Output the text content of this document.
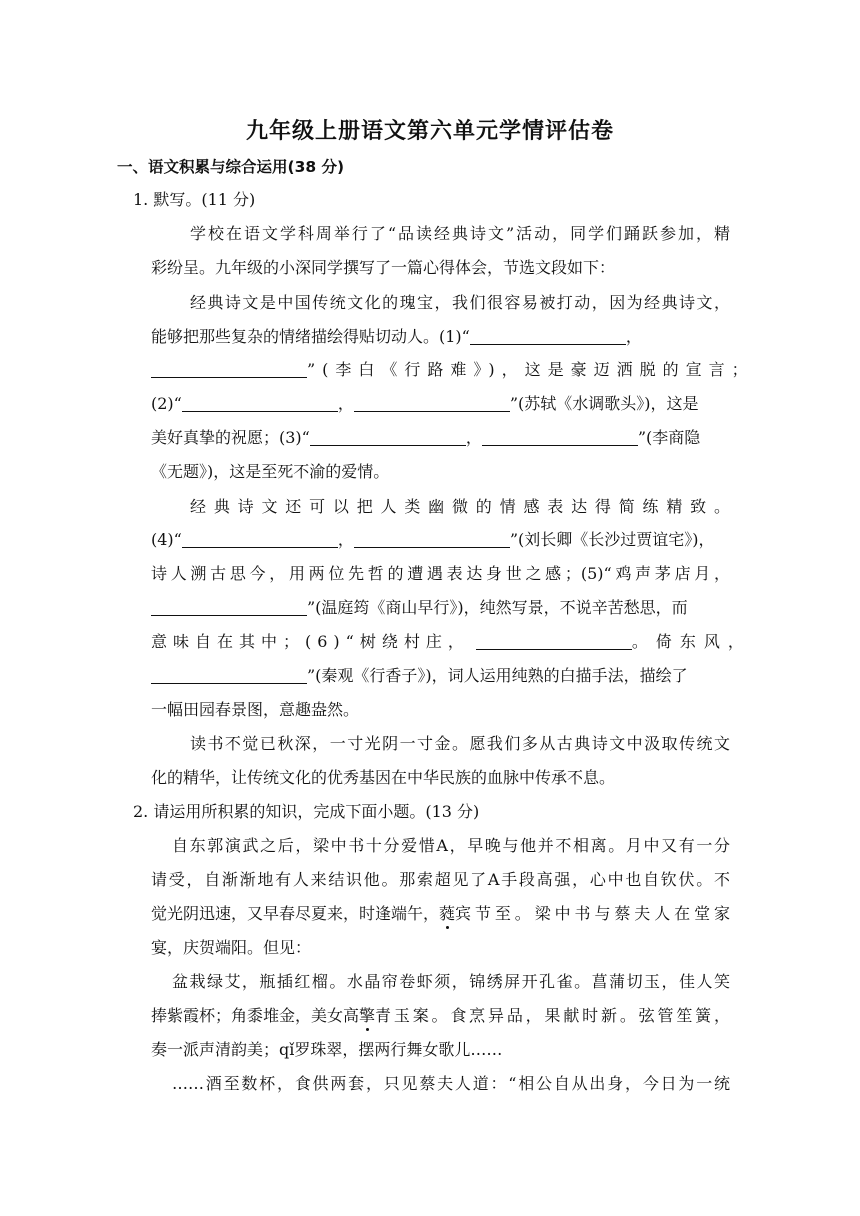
九年级上册语文第六单元学情评估卷
一、语文积累与综合运用(38 分)
1. 默写。(11 分)
学校在语文学科周举行了“品读经典诗文”活动，同学们踊跃参加，精
彩纷呈。九年级的小深同学撰写了一篇心得体会，节选文段如下：
经典诗文是中国传统文化的瑰宝，我们很容易被打动，因为经典诗文，
能够把那些复杂的情绪描绘得贴切动人。(1)“	，
”(李白《行路难》)，这是豪迈洒脱的宣言；
(2)“	，	”(苏轼《水调歌头》)，这是
美好真挚的祝愿；(3)“	，	”(李商隐
《无题》)，这是至死不渝的爱情。
经典诗文还可以把人类幽微的情感表达得简练精致。
(4)“	，	”(刘长卿《长沙过贾谊宅》)，
诗人溯古思今，用两位先哲的遭遇表达身世之感；(5)“鸡声茅店月，
”(温庭筠《商山早行》)，纯然写景，不说辛苦愁思，而
意味自在其中；(6)“树绕村庄，	。倚东风，
”(秦观《行香子》)，词人运用纯熟的白描手法，描绘了
一幅田园春景图，意趣盎然。
读书不觉已秋深，一寸光阴一寸金。愿我们多从古典诗文中汲取传统文
化的精华，让传统文化的优秀基因在中华民族的血脉中传承不息。
2. 请运用所积累的知识，完成下面小题。(13 分)
自东郭演武之后，梁中书十分爱惜A，早晚与他并不相离。月中又有一分
请受，自渐渐地有人来结识他。那索超见了A手段高强，心中也自钦伏。不
觉光阴迅速，又早春尽夏来，时逢端午， 蕤 宾节至。梁中书与蔡夫人在堂家
宴，庆贺端阳。但见：
盆栽绿艾，瓶插红榴。水晶帘卷虾须，锦绣屏开孔雀。菖蒲切玉，佳人笑
捧紫霞杯；角黍堆金，美女高 擎 青玉案。食烹异品，果献时新。弦管笙簧，
奏一派声清韵美；qǐ罗珠翠，摆两行舞女歌儿……
……酒至数杯，食供两套，只见蔡夫人道：“相公自从出身，今日为一统
